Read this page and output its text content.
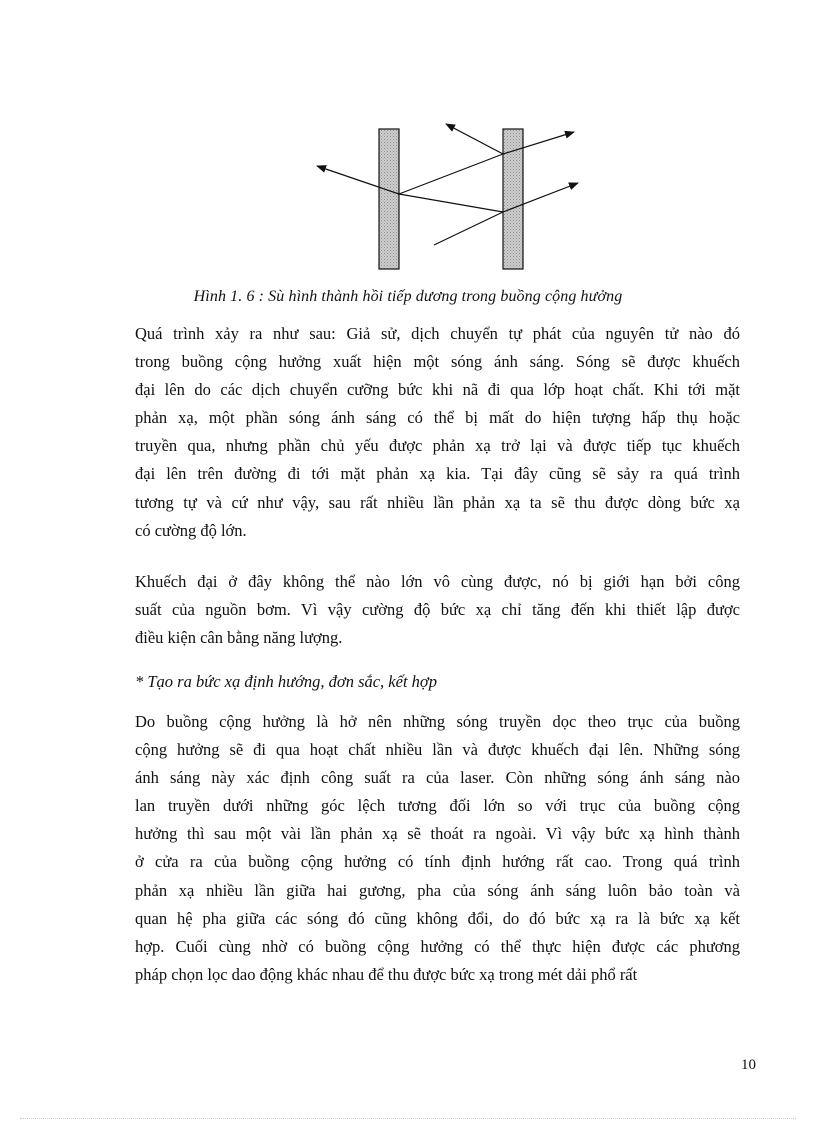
Hình 1. 6 : Sù hình thành hồi tiếp dương trong buồng cộng hưởng

Quá trình xảy ra như sau: Giả sử, dịch chuyển tự phát của nguyên tử nào đó
trong buồng cộng hưởng xuất hiện một sóng ánh sáng. Sóng sẽ được khuếch
đại lên do các dịch chuyển cưỡng bức khi nã đi qua lớp hoạt chất. Khi tới mặt
phản xạ, một phần sóng ánh sáng có thể bị mất do hiện tượng hấp thụ hoặc
truyền qua, nhưng phần chủ yếu được phản xạ trở lại và được tiếp tục khuếch
đại lên trên đường đi tới mặt phản xạ kia. Tại đây cũng sẽ sảy ra quá trình
tương tự và cứ như vậy, sau rất nhiều lần phản xạ ta sẽ thu được dòng bức xạ
có cường độ lớn.

Khuếch đại ở đây không thể nào lớn vô cùng được, nó bị giới hạn bởi công
suất của nguồn bơm. Vì vậy cường độ bức xạ chỉ tăng đến khi thiết lập được
điều kiện cân bằng năng lượng.

* Tạo ra bức xạ định hướng, đơn sắc, kết hợp

Do buồng cộng hưởng là hở nên những sóng truyền dọc theo trục của buồng
cộng hưởng sẽ đi qua hoạt chất nhiều lần và được khuếch đại lên. Những sóng
ánh sáng này xác định công suất ra của laser. Còn những sóng ánh sáng nào
lan truyền dưới những góc lệch tương đối lớn so với trục của buồng cộng
hưởng thì sau một vài lần phản xạ sẽ thoát ra ngoài. Vì vậy bức xạ hình thành
ở cửa ra của buồng cộng hưởng có tính định hướng rất cao. Trong quá trình
phản xạ nhiều lần giữa hai gương, pha của sóng ánh sáng luôn bảo toàn và
quan hệ pha giữa các sóng đó cũng không đổi, do đó bức xạ ra là bức xạ kết
hợp. Cuối cùng nhờ có buồng cộng hưởng có thể thực hiện được các phương
pháp chọn lọc dao động khác nhau để thu được bức xạ trong mét dải phổ rất

10
